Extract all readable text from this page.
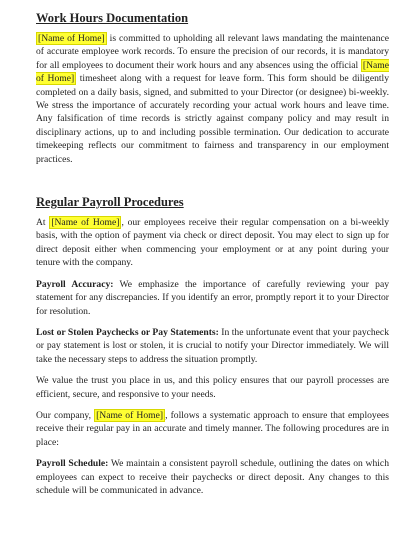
Work Hours Documentation

[Name of Home] is committed to upholding all relevant laws mandating the maintenance of accurate employee work records. To ensure the precision of our records, it is mandatory for all employees to document their work hours and any absences using the official [Name of Home] timesheet along with a request for leave form. This form should be diligently completed on a daily basis, signed, and submitted to your Director (or designee) bi-weekly. We stress the importance of accurately recording your actual work hours and leave time. Any falsification of time records is strictly against company policy and may result in disciplinary actions, up to and including possible termination. Our dedication to accurate timekeeping reflects our commitment to fairness and transparency in our employment practices.

Regular Payroll Procedures

At [Name of Home] , our employees receive their regular compensation on a bi-weekly basis, with the option of payment via check or direct deposit. You may elect to sign up for direct deposit either when commencing your employment or at any point during your tenure with the company.

Payroll Accuracy: We emphasize the importance of carefully reviewing your pay statement for any discrepancies. If you identify an error, promptly report it to your Director for resolution.

Lost or Stolen Paychecks or Pay Statements: In the unfortunate event that your paycheck or pay statement is lost or stolen, it is crucial to notify your Director immediately. We will take the necessary steps to address the situation promptly.

We value the trust you place in us, and this policy ensures that our payroll processes are efficient, secure, and responsive to your needs.

Our company, [Name of Home] , follows a systematic approach to ensure that employees receive their regular pay in an accurate and timely manner. The following procedures are in place:

Payroll Schedule: We maintain a consistent payroll schedule, outlining the dates on which employees can expect to receive their paychecks or direct deposit. Any changes to this schedule will be communicated in advance.
